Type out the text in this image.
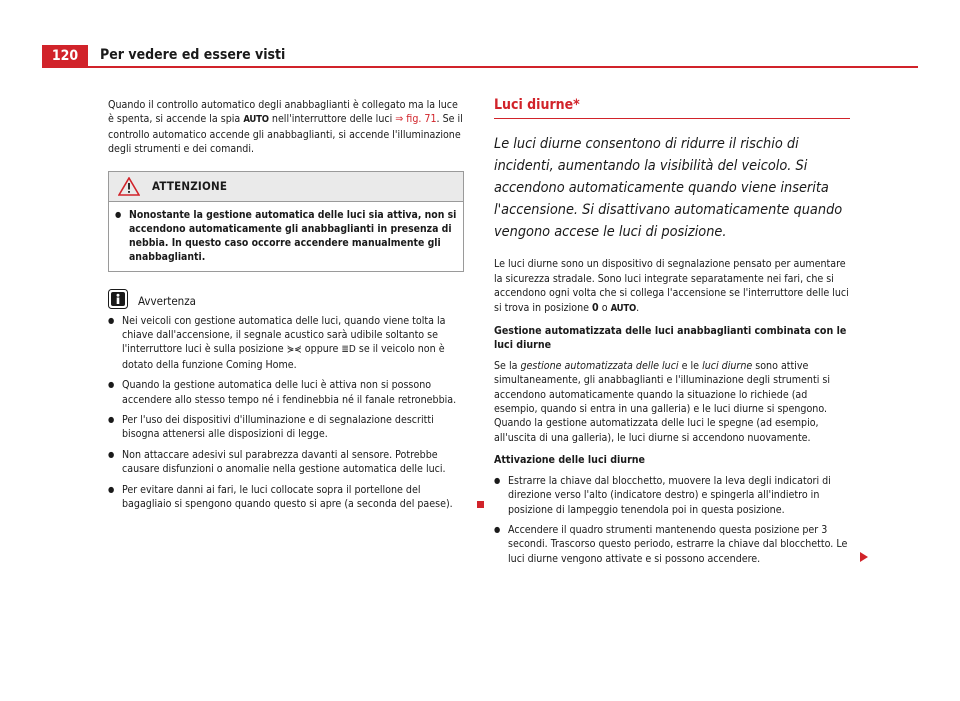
120	Per vedere ed essere visti

Quando il controllo automatico degli anabbaglianti è collegato ma la luce è spenta, si accende la spia AUTO nell'interruttore delle luci ⇒ fig. 71. Se il controllo automatico accende gli anabbaglianti, si accende l'illuminazione degli strumenti e dei comandi.

ATTENZIONE
● Nonostante la gestione automatica delle luci sia attiva, non si accendono automaticamente gli anabbaglianti in presenza di nebbia. In questo caso occorre accendere manualmente gli anabbaglianti.
Avvertenza
● Nei veicoli con gestione automatica delle luci, quando viene tolta la chiave dall'accensione, il segnale acustico sarà udibile soltanto se l'interruttore luci è sulla posizione ⋟⋞ oppure ≣D se il veicolo non è dotato della funzione Coming Home.
● Quando la gestione automatica delle luci è attiva non si possono accendere allo stesso tempo né i fendinebbia né il fanale retronebbia.
● Per l'uso dei dispositivi d'illuminazione e di segnalazione descritti bisogna attenersi alle disposizioni di legge.
● Non attaccare adesivi sul parabrezza davanti al sensore. Potrebbe causare disfunzioni o anomalie nella gestione automatica delle luci.
● Per evitare danni ai fari, le luci collocate sopra il portellone del bagagliaio si spengono quando questo si apre (a seconda del paese).
Luci diurne*
Le luci diurne consentono di ridurre il rischio di incidenti, aumentando la visibilità del veicolo. Si accendono automaticamente quando viene inserita l'accensione. Si disattivano automaticamente quando vengono accese le luci di posizione.

Le luci diurne sono un dispositivo di segnalazione pensato per aumentare la sicurezza stradale. Sono luci integrate separatamente nei fari, che si accendono ogni volta che si collega l'accensione se l'interruttore delle luci si trova in posizione 0 o AUTO.

Gestione automatizzata delle luci anabbaglianti combinata con le luci diurne

Se la gestione automatizzata delle luci e le luci diurne sono attive simultaneamente, gli anabbaglianti e l'illuminazione degli strumenti si accendono automaticamente quando la situazione lo richiede (ad esempio, quando si entra in una galleria) e le luci diurne si spengono. Quando la gestione automatizzata delle luci le spegne (ad esempio, all'uscita di una galleria), le luci diurne si accendono nuovamente.

Attivazione delle luci diurne
● Estrarre la chiave dal blocchetto, muovere la leva degli indicatori di direzione verso l'alto (indicatore destro) e spingerla all'indietro in posizione di lampeggio tenendola poi in questa posizione.
● Accendere il quadro strumenti mantenendo questa posizione per 3 secondi. Trascorso questo periodo, estrarre la chiave dal blocchetto. Le luci diurne vengono attivate e si possono accendere.
